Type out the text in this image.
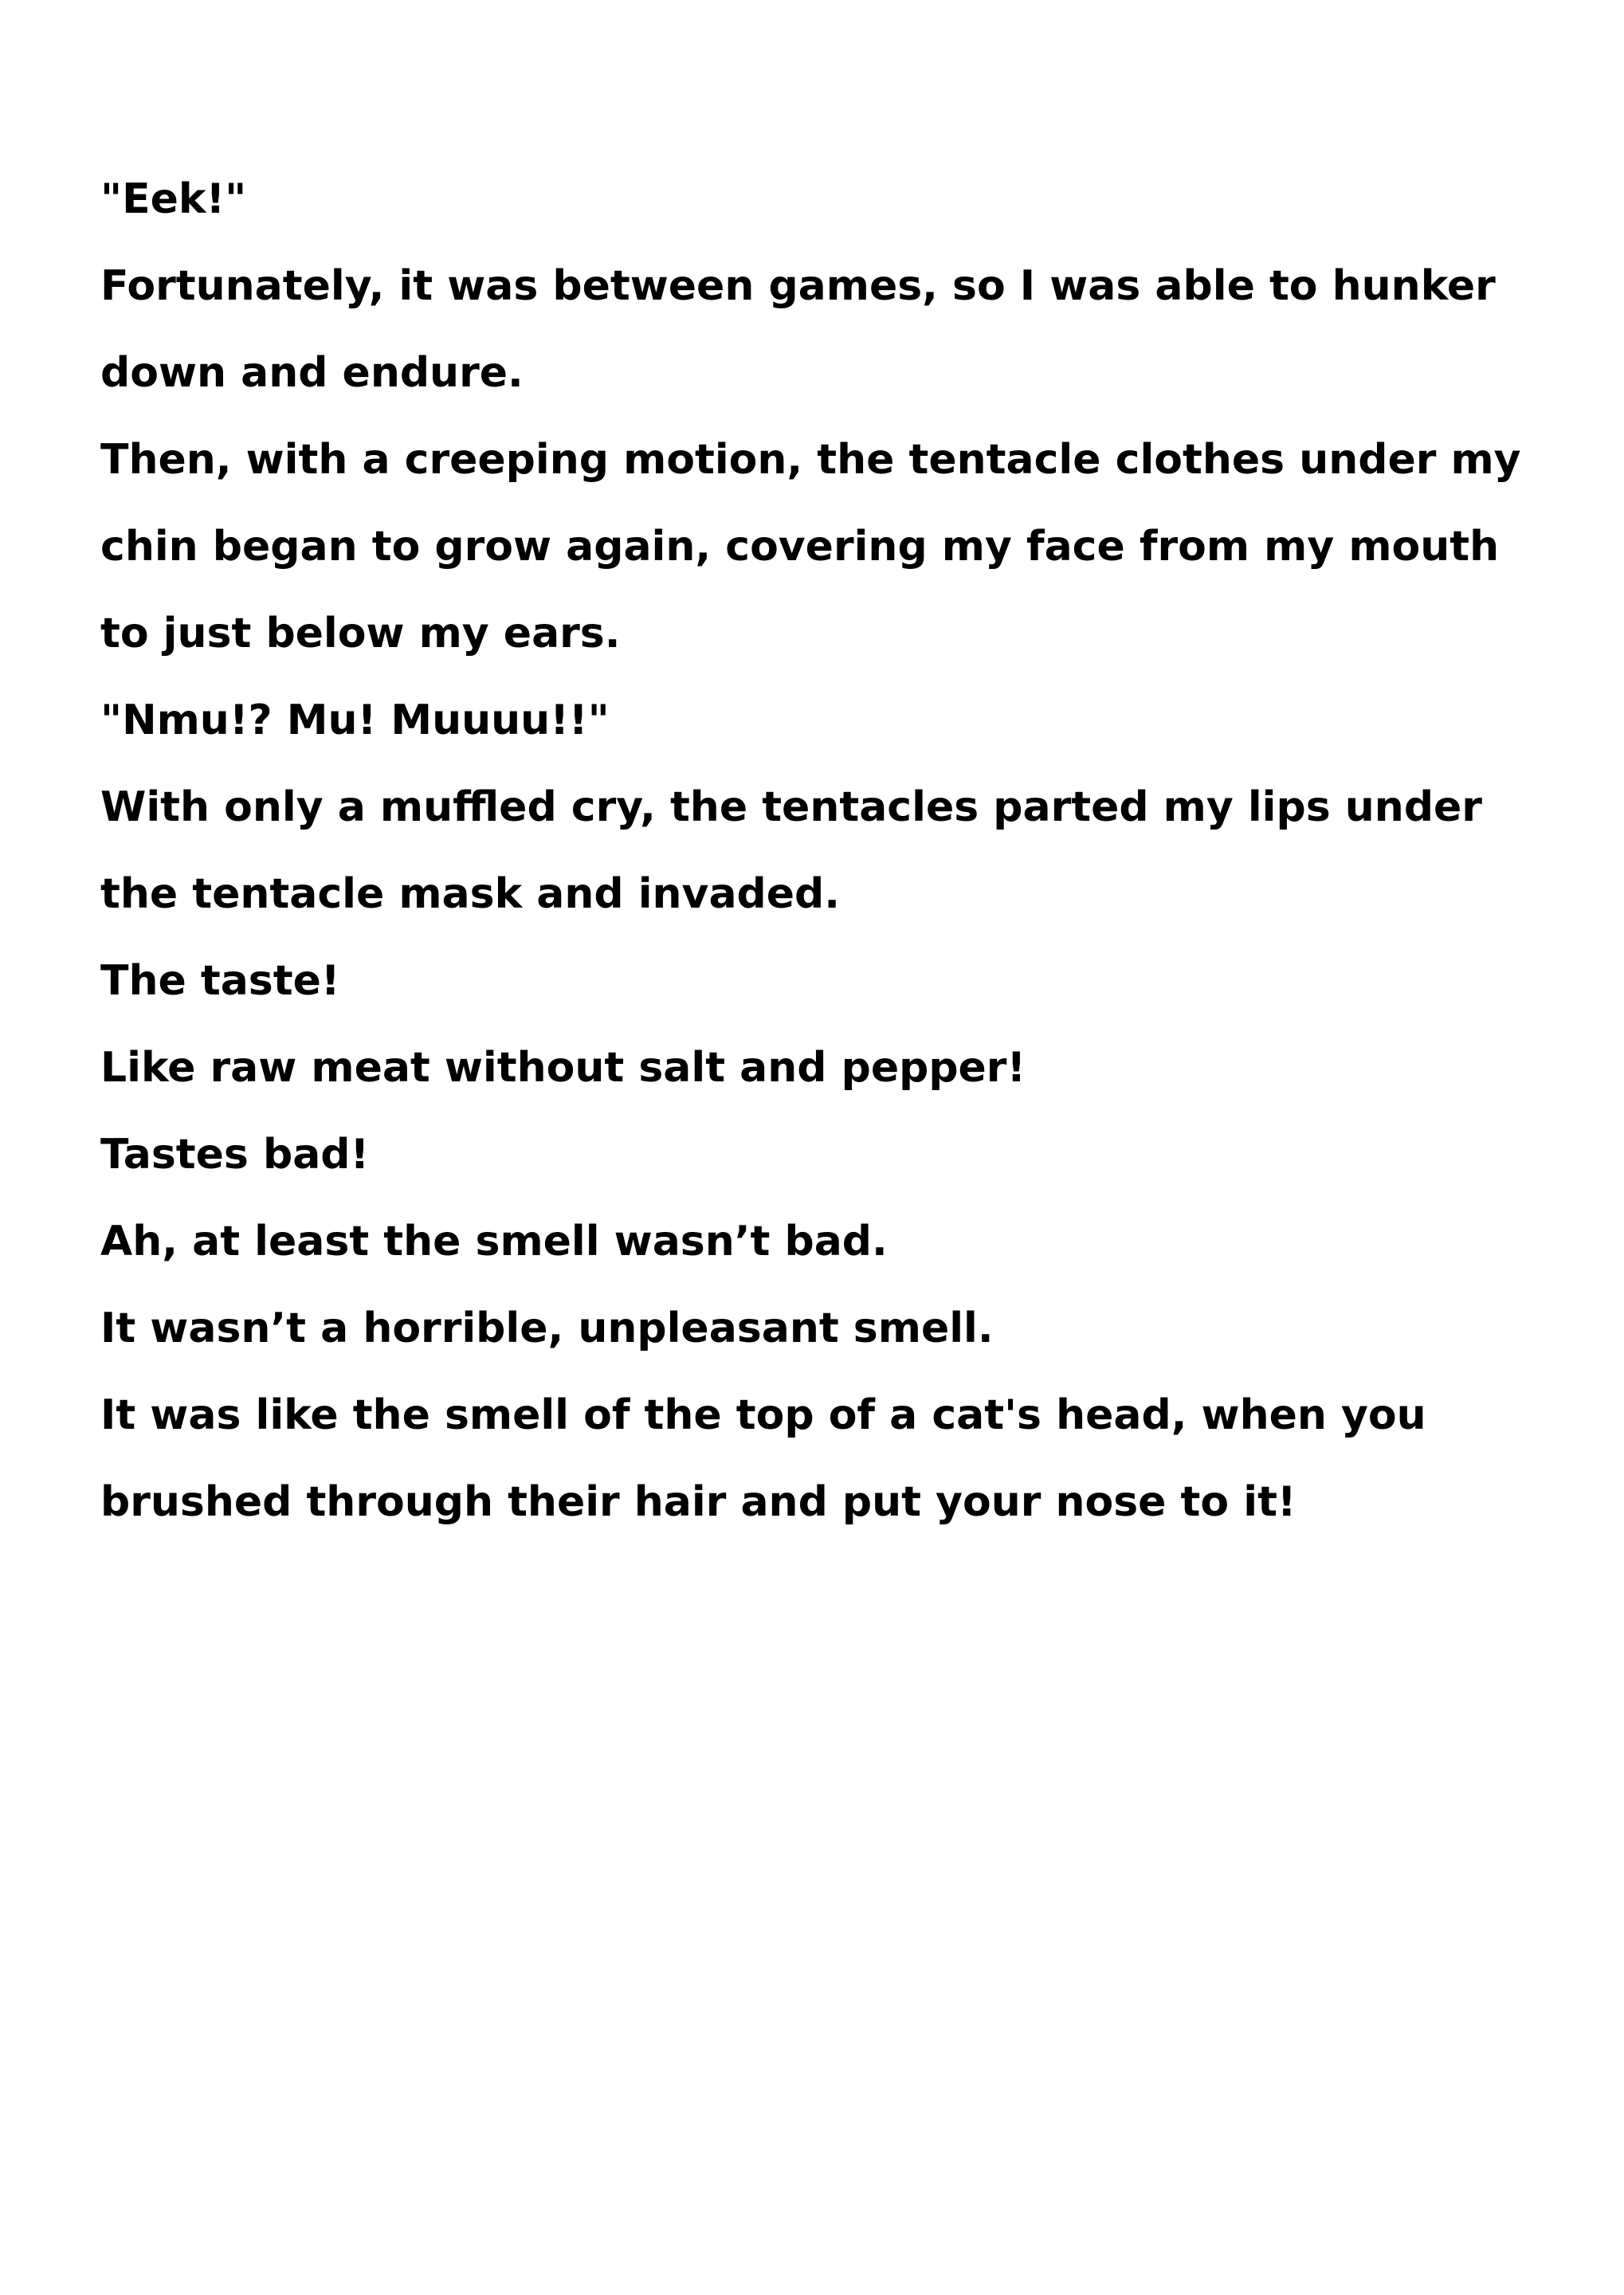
"Eek!"

Fortunately, it was between games, so I was able to hunker down and endure.

Then, with a creeping motion, the tentacle clothes under my chin began to grow again, covering my face from my mouth to just below my ears.

"Nmu!? Mu! Muuuu!!"

With only a muffled cry, the tentacles parted my lips under the tentacle mask and invaded.

The taste!

Like raw meat without salt and pepper!

Tastes bad!

Ah, at least the smell wasn’t bad.

It wasn’t a horrible, unpleasant smell.

It was like the smell of the top of a cat's head, when you brushed through their hair and put your nose to it!
